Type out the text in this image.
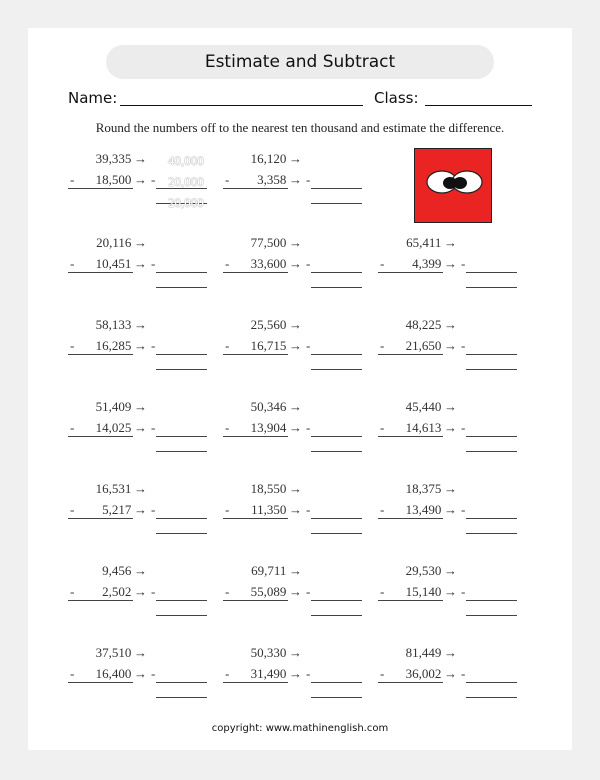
Estimate and Subtract
Name:	Class:
Round the numbers off to the nearest ten thousand and estimate the difference.
39,335  →
-	18,500  → -
16,120  →
-	3,358  → -
20,116  →
-	10,451  → -
77,500  →
-	33,600  → -
65,411  →
-	4,399  → -
58,133  →
-	16,285  → -
25,560  →
-	16,715  → -
48,225  →
-	21,650  → -
51,409  →
-	14,025  → -
50,346  →
-	13,904  → -
45,440  →
-	14,613  → -
16,531  →
-	5,217  → -
18,550  →
-	11,350  → -
18,375  →
-	13,490  → -
9,456  →
-	2,502  → -
69,711  →
-	55,089  → -
29,530  →
-	15,140  → -
37,510  →
-	16,400  → -
50,330  →
-	31,490  → -
81,449  →
-	36,002  → -
40,000
20,000
20,000
copyright: www.mathinenglish.com
